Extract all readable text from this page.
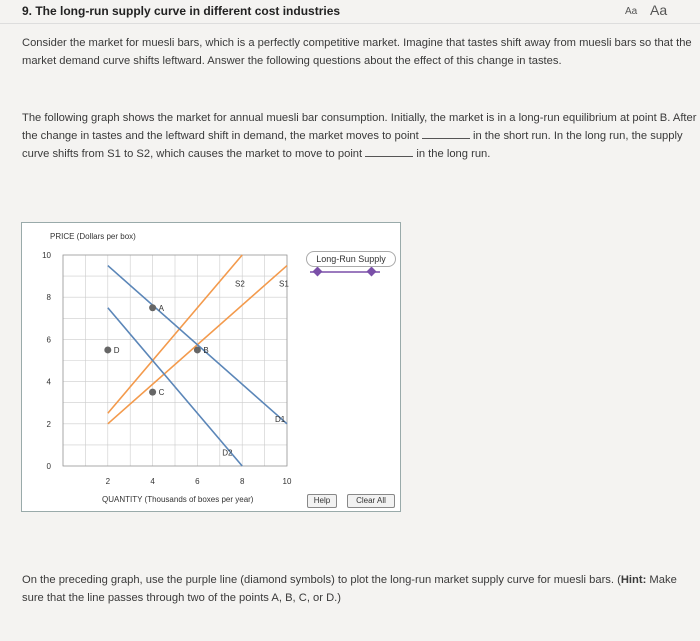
9. The long-run supply curve in different cost industries	Aa Aa
Consider the market for muesli bars, which is a perfectly competitive market. Imagine that tastes shift away from muesli bars so that the market demand curve shifts leftward. Answer the following questions about the effect of this change in tastes.
The following graph shows the market for annual muesli bar consumption. Initially, the market is in a long-run equilibrium at point B. After the change in tastes and the leftward shift in demand, the market moves to point	in the short run. In the long run, the supply curve shifts from S1 to S2, which causes the market to move to point	in the long run.
PRICE (Dollars per box)
QUANTITY (Thousands of boxes per year)
2	4	6	8	10
0
2
4
6
8
10
S1
S2
D1
D2
A
B
C
D
Long-Run Supply
Help	Clear All
On the preceding graph, use the purple line (diamond symbols) to plot the long-run market supply curve for muesli bars. (Hint: Make sure that the line passes through two of the points A, B, C, or D.)
